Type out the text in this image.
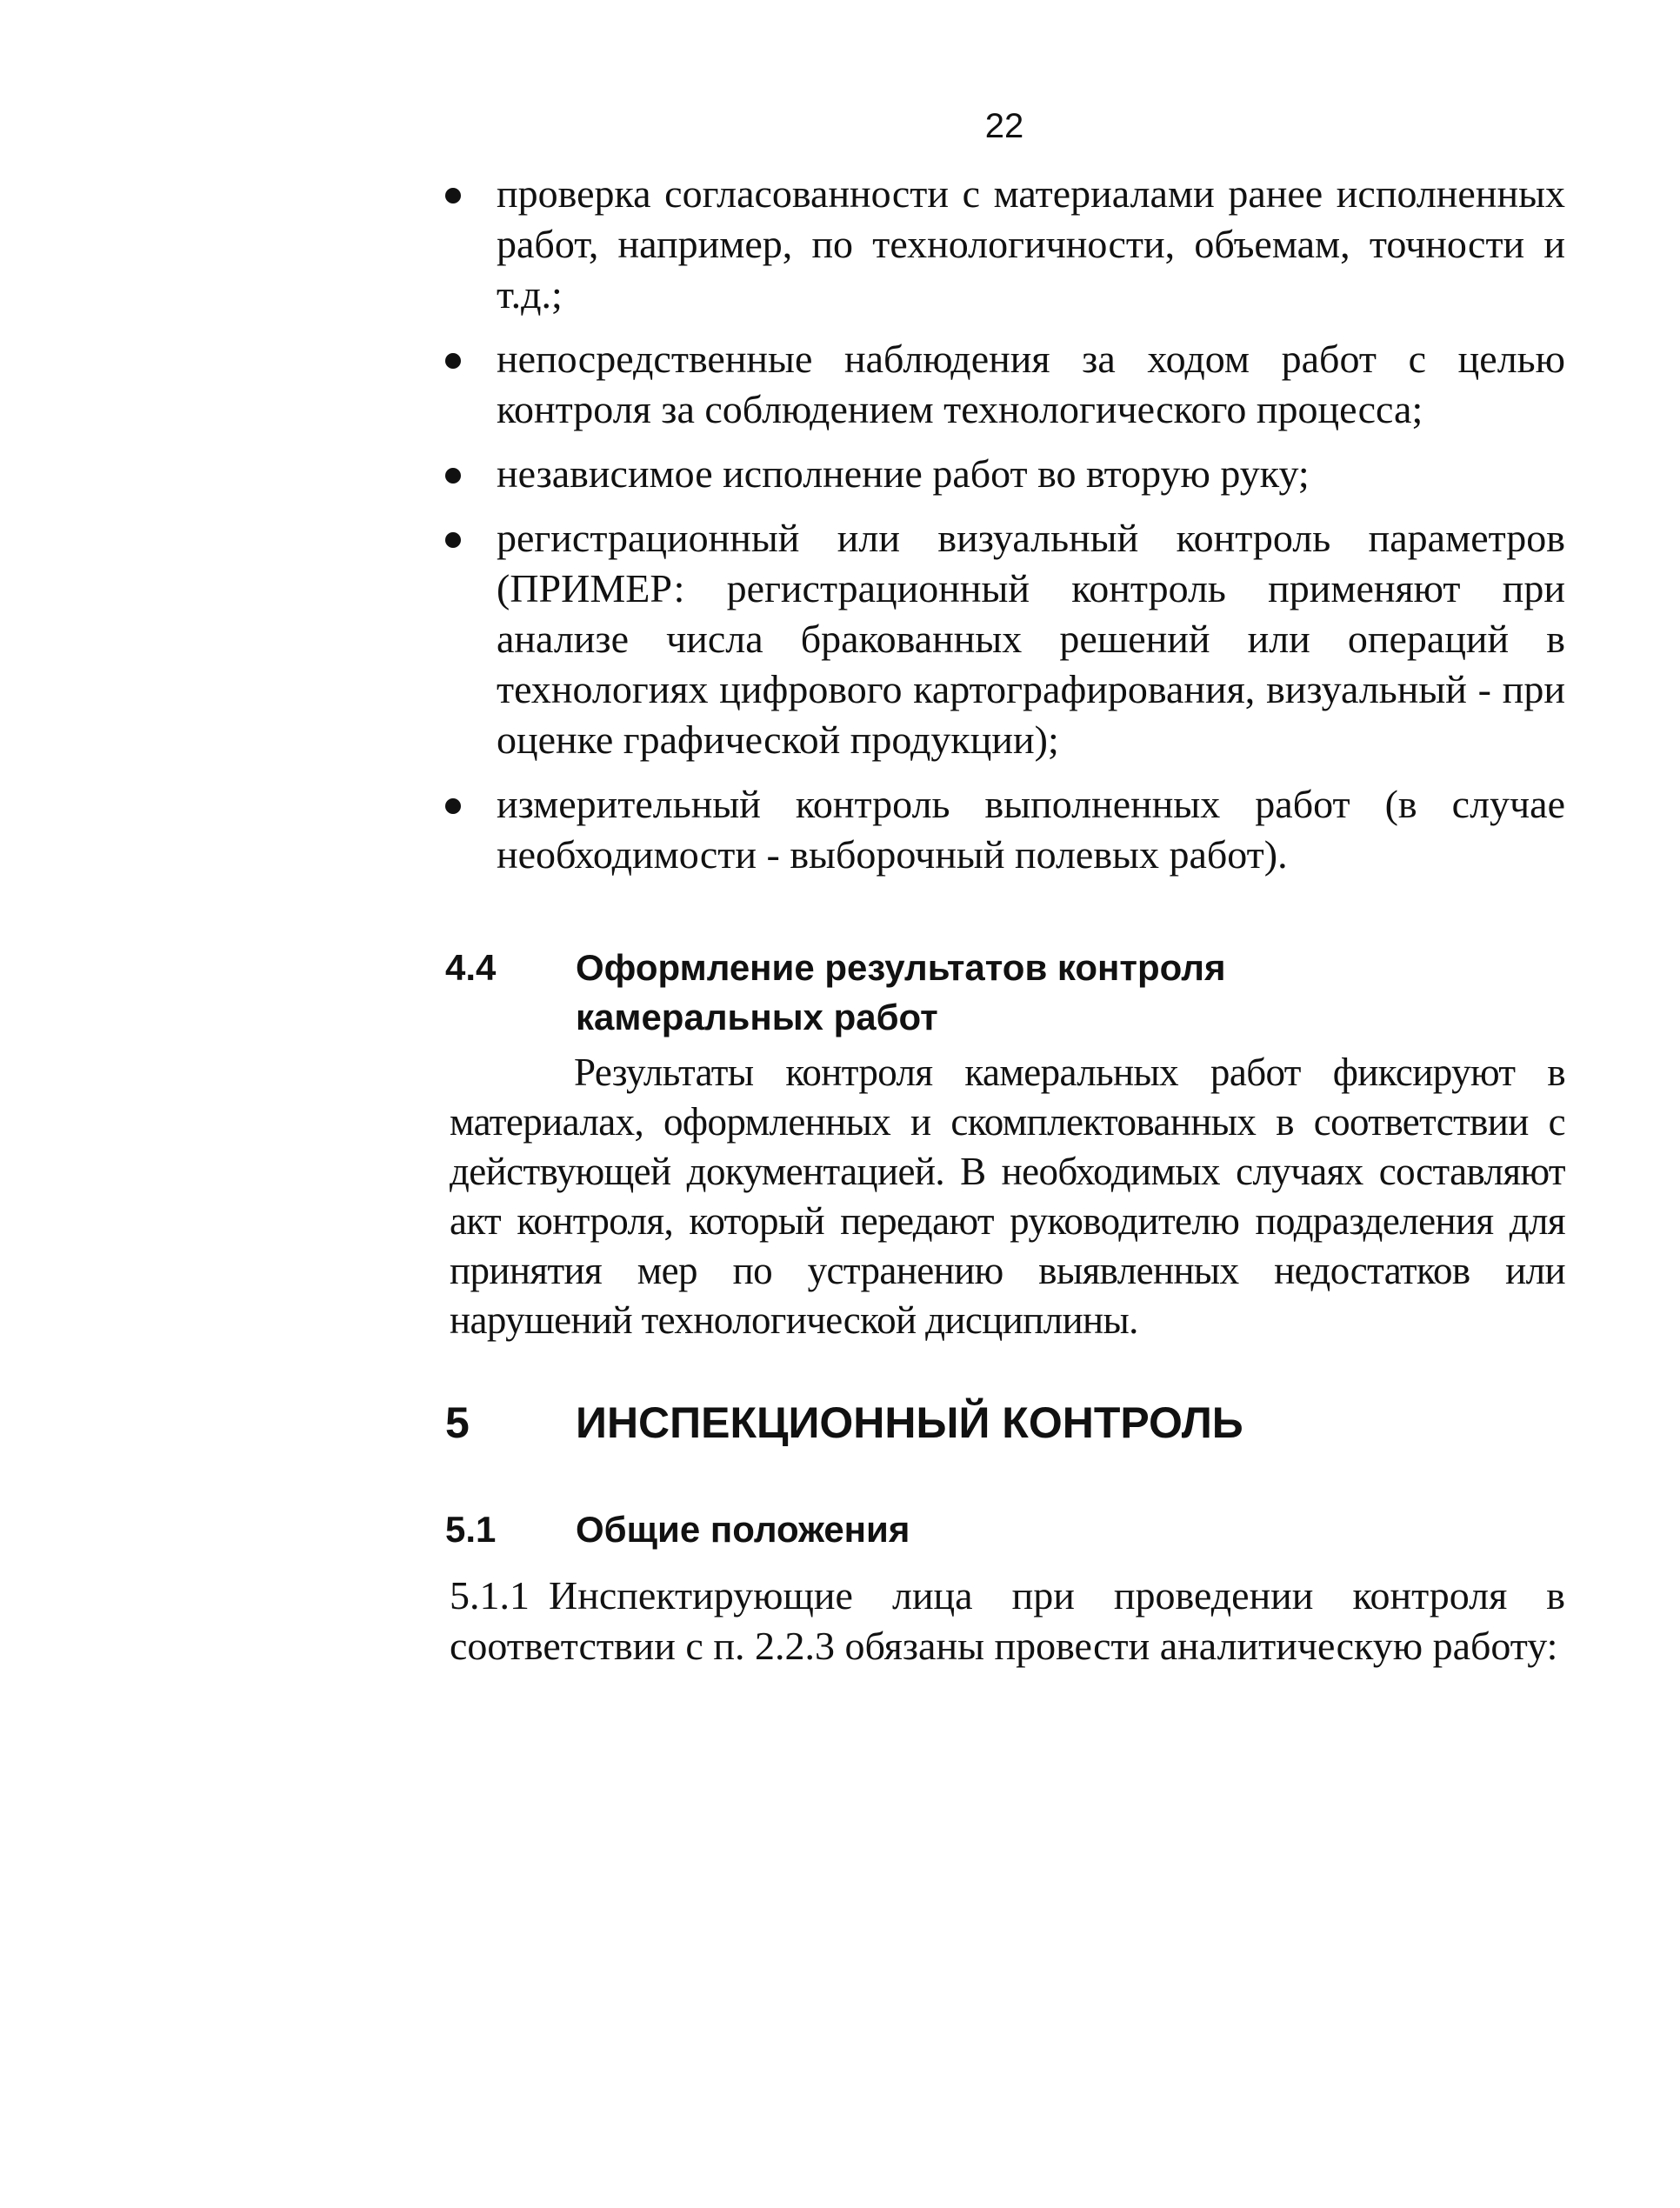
22
проверка согласованности с материалами ранее исполненных работ, например, по технологичности, объемам, точности и т.д.;
непосредственные наблюдения за ходом работ с целью контроля за соблюдением технологического процесса;
независимое исполнение работ во вторую руку;
регистрационный или визуальный контроль параметров (ПРИМЕР: регистрационный контроль применяют при анализе числа бракованных решений или операций в технологиях цифрового картографирования, визуальный - при оценке графической продукции);
измерительный контроль выполненных работ (в случае необходимости - выборочный полевых работ).
4.4 Оформление результатов контроля
камеральных работ

Результаты контроля камеральных работ фиксируют в материалах, оформленных и скомплектованных в соответствии с действующей документацией. В необходимых случаях составляют акт контроля, который передают руководителю подразделения для принятия мер по устранению выявленных недостатков или нарушений технологической дисциплины.

5 ИНСПЕКЦИОННЫЙ КОНТРОЛЬ
5.1 Общие положения

5.1.1 Инспектирующие лица при проведении контроля в соответствии с п. 2.2.3 обязаны провести аналитическую работу:
